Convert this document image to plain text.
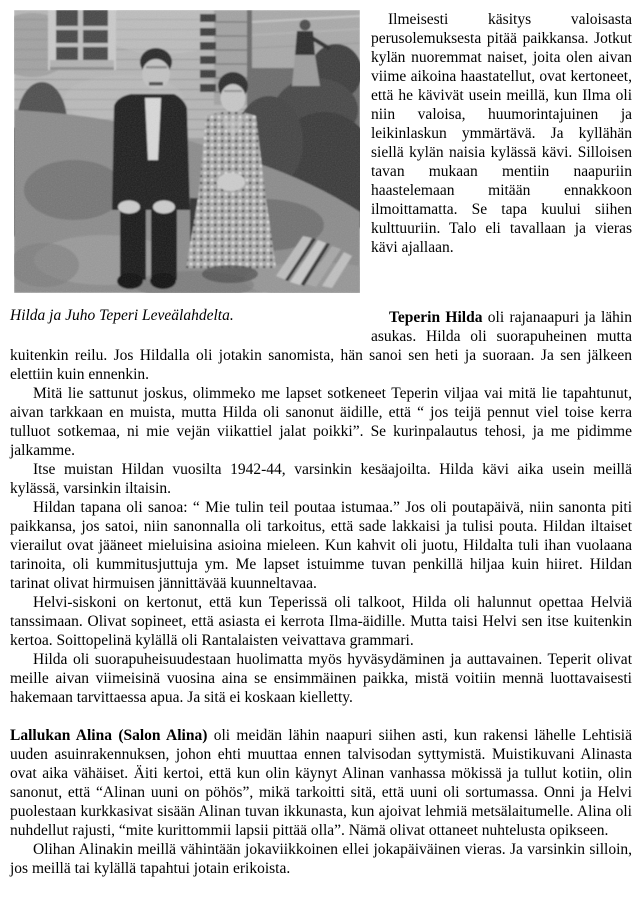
Hilda ja Juho Teperi Leveälahdelta.

Ilmeisesti käsitys valoisasta perusolemuksesta pitää paikkansa. Jotkut kylän nuoremmat naiset, joita olen aivan viime aikoina haastatellut, ovat kertoneet, että he kävivät usein meillä, kun Ilma oli niin valoisa, huumorintajuinen ja leikinlaskun ymmärtävä. Ja kyllähän siellä kylän naisia kylässä kävi. Silloisen tavan mukaan mentiin naapuriin haastelemaan mitään ennakkoon ilmoittamatta. Se tapa kuului siihen kulttuuriin. Talo eli tavallaan ja vieras kävi ajallaan.

Teperin Hilda oli rajanaapuri ja lähin asukas. Hilda oli suorapuheinen mutta kuitenkin reilu. Jos Hildalla oli jotakin sanomista, hän sanoi sen heti ja suoraan. Ja sen jälkeen elettiin kuin ennenkin.

Mitä lie sattunut joskus, olimmeko me lapset sotkeneet Teperin viljaa vai mitä lie tapahtunut, aivan tarkkaan en muista, mutta Hilda oli sanonut äidille, että “ jos teijä pennut viel toise kerra tulluot sotkemaa, ni mie vejän viikattiel jalat poikki”. Se kurinpalautus tehosi, ja me pidimme jalkamme.

Itse muistan Hildan vuosilta 1942-44, varsinkin kesäajoilta. Hilda kävi aika usein meillä kylässä, varsinkin iltaisin.

Hildan tapana oli sanoa: “ Mie tulin teil poutaa istumaa.” Jos oli poutapäivä, niin sanonta piti paikkansa, jos satoi, niin sanonnalla oli tarkoitus, että sade lakkaisi ja tulisi pouta. Hildan iltaiset vierailut ovat jääneet mieluisina asioina mieleen. Kun kahvit oli juotu, Hildalta tuli ihan vuolaana tarinoita, oli kummitusjuttuja ym. Me lapset istuimme tuvan penkillä hiljaa kuin hiiret. Hildan tarinat olivat hirmuisen jännittävää kuunneltavaa.

Helvi-siskoni on kertonut, että kun Teperissä oli talkoot, Hilda oli halunnut opettaa Helviä tanssimaan. Olivat sopineet, että asiasta ei kerrota Ilma-äidille. Mutta taisi Helvi sen itse kuitenkin kertoa. Soittopelinä kylällä oli Rantalaisten veivattava grammari.

Hilda oli suorapuheisuudestaan huolimatta myös hyväsydäminen ja auttavainen. Teperit olivat meille aivan viimeisinä vuosina aina se ensimmäinen paikka, mistä voitiin mennä luottavaisesti hakemaan tarvittaessa apua. Ja sitä ei koskaan kielletty.

Lallukan Alina (Salon Alina) oli meidän lähin naapuri siihen asti, kun rakensi lähelle Lehtisiä uuden asuinrakennuksen, johon ehti muuttaa ennen talvisodan syttymistä. Muistikuvani Alinasta ovat aika vähäiset. Äiti kertoi, että kun olin käynyt Alinan vanhassa mökissä ja tullut kotiin, olin sanonut, että “Alinan uuni on pöhös”, mikä tarkoitti sitä, että uuni oli sortumassa. Onni ja Helvi puolestaan kurkkasivat sisään Alinan tuvan ikkunasta, kun ajoivat lehmiä metsälaitumelle. Alina oli nuhdellut rajusti, “mite kurittommii lapsii pittää olla”. Nämä olivat ottaneet nuhtelusta opikseen.

Olihan Alinakin meillä vähintään jokaviikkoinen ellei jokapäiväinen vieras. Ja varsinkin silloin, jos meillä tai kylällä tapahtui jotain erikoista.
